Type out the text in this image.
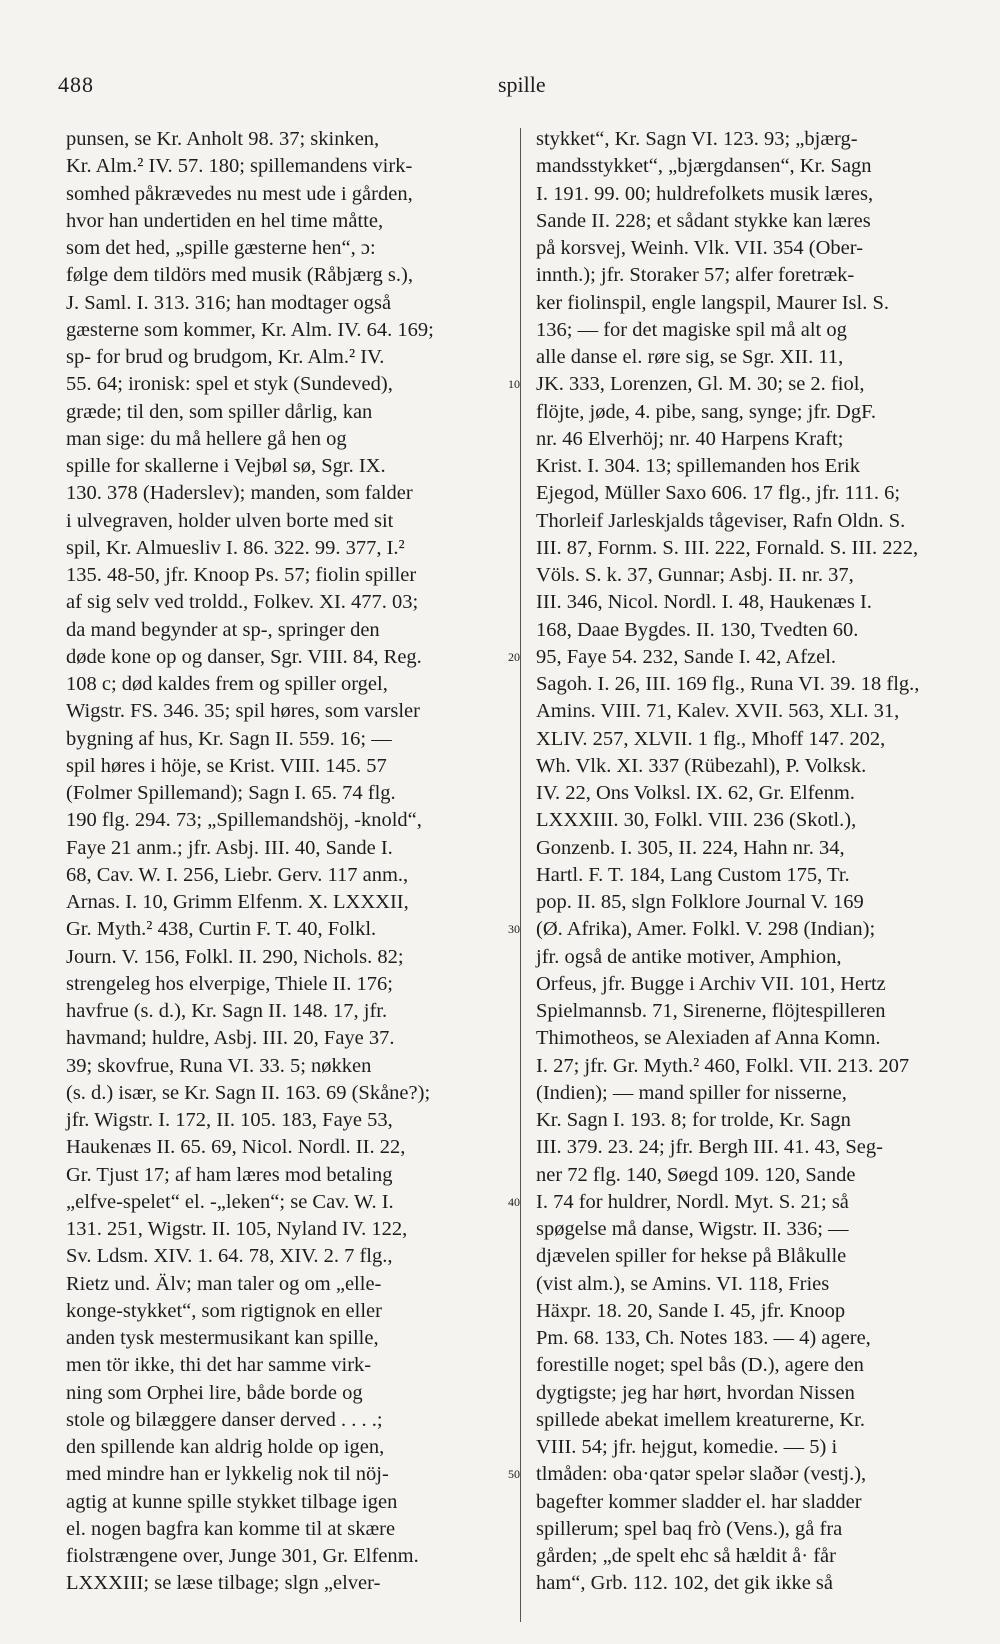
488	spille
punsen, se Kr. Anholt 98. 37; skinken,
Kr. Alm.² IV. 57. 180; spillemandens virk-
somhed påkrævedes nu mest ude i gården,
hvor han undertiden en hel time måtte,
som det hed, „spille gæsterne hen“, ɔ:
følge dem tildörs med musik (Råbjærg s.),
J. Saml. I. 313. 316; han modtager også
gæsterne som kommer, Kr. Alm. IV. 64. 169;
sp- for brud og brudgom, Kr. Alm.² IV.
55. 64; ironisk: spel et styk (Sundeved),
græde; til den, som spiller dårlig, kan
man sige: du må hellere gå hen og
spille for skallerne i Vejbøl sø, Sgr. IX.
130. 378 (Haderslev); manden, som falder
i ulvegraven, holder ulven borte med sit
spil, Kr. Almuesliv I. 86. 322. 99. 377, I.²
135. 48-50, jfr. Knoop Ps. 57; fiolin spiller
af sig selv ved troldd., Folkev. XI. 477. 03;
da mand begynder at sp-, springer den
døde kone op og danser, Sgr. VIII. 84, Reg.
108 c; død kaldes frem og spiller orgel,
Wigstr. FS. 346. 35; spil høres, som varsler
bygning af hus, Kr. Sagn II. 559. 16; —
spil høres i höje, se Krist. VIII. 145. 57
(Folmer Spillemand); Sagn I. 65. 74 flg.
190 flg. 294. 73; „Spillemandshöj, -knold“,
Faye 21 anm.; jfr. Asbj. III. 40, Sande I.
68, Cav. W. I. 256, Liebr. Gerv. 117 anm.,
Arnas. I. 10, Grimm Elfenm. X. LXXXII,
Gr. Myth.² 438, Curtin F. T. 40, Folkl.
Journ. V. 156, Folkl. II. 290, Nichols. 82;
strengeleg hos elverpige, Thiele II. 176;
havfrue (s. d.), Kr. Sagn II. 148. 17, jfr.
havmand; huldre, Asbj. III. 20, Faye 37.
39; skovfrue, Runa VI. 33. 5; nøkken
(s. d.) især, se Kr. Sagn II. 163. 69 (Skåne?);
jfr. Wigstr. I. 172, II. 105. 183, Faye 53,
Haukenæs II. 65. 69, Nicol. Nordl. II. 22,
Gr. Tjust 17; af ham læres mod betaling
„elfve-spelet“ el. -„leken“; se Cav. W. I.
131. 251, Wigstr. II. 105, Nyland IV. 122,
Sv. Ldsm. XIV. 1. 64. 78, XIV. 2. 7 flg.,
Rietz und. Älv; man taler og om „elle-
konge-stykket“, som rigtignok en eller
anden tysk mestermusikant kan spille,
men tör ikke, thi det har samme virk-
ning som Orphei lire, både borde og
stole og bilæggere danser derved . . . .;
den spillende kan aldrig holde op igen,
med mindre han er lykkelig nok til nöj-
agtig at kunne spille stykket tilbage igen
el. nogen bagfra kan komme til at skære
fiolstrængene over, Junge 301, Gr. Elfenm.
LXXXIII; se læse tilbage; slgn „elver-
10
20
30
40
50
stykket“, Kr. Sagn VI. 123. 93; „bjærg-
mandsstykket“, „bjærgdansen“, Kr. Sagn
I. 191. 99. 00; huldrefolkets musik læres,
Sande II. 228; et sådant stykke kan læres
på korsvej, Weinh. Vlk. VII. 354 (Ober-
innth.); jfr. Storaker 57; alfer foretræk-
ker fiolinspil, engle langspil, Maurer Isl. S.
136; — for det magiske spil må alt og
alle danse el. røre sig, se Sgr. XII. 11,
JK. 333, Lorenzen, Gl. M. 30; se 2. fiol,
flöjte, jøde, 4. pibe, sang, synge; jfr. DgF.
nr. 46 Elverhöj; nr. 40 Harpens Kraft;
Krist. I. 304. 13; spillemanden hos Erik
Ejegod, Müller Saxo 606. 17 flg., jfr. 111. 6;
Thorleif Jarleskjalds tågeviser, Rafn Oldn. S.
III. 87, Fornm. S. III. 222, Fornald. S. III. 222,
Völs. S. k. 37, Gunnar; Asbj. II. nr. 37,
III. 346, Nicol. Nordl. I. 48, Haukenæs I.
168, Daae Bygdes. II. 130, Tvedten 60.
95, Faye 54. 232, Sande I. 42, Afzel.
Sagoh. I. 26, III. 169 flg., Runa VI. 39. 18 flg.,
Amins. VIII. 71, Kalev. XVII. 563, XLI. 31,
XLIV. 257, XLVII. 1 flg., Mhoff 147. 202,
Wh. Vlk. XI. 337 (Rübezahl), P. Volksk.
IV. 22, Ons Volksl. IX. 62, Gr. Elfenm.
LXXXIII. 30, Folkl. VIII. 236 (Skotl.),
Gonzenb. I. 305, II. 224, Hahn nr. 34,
Hartl. F. T. 184, Lang Custom 175, Tr.
pop. II. 85, slgn Folklore Journal V. 169
(Ø. Afrika), Amer. Folkl. V. 298 (Indian);
jfr. også de antike motiver, Amphion,
Orfeus, jfr. Bugge i Archiv VII. 101, Hertz
Spielmannsb. 71, Sirenerne, flöjtespilleren
Thimotheos, se Alexiaden af Anna Komn.
I. 27; jfr. Gr. Myth.² 460, Folkl. VII. 213. 207
(Indien); — mand spiller for nisserne,
Kr. Sagn I. 193. 8; for trolde, Kr. Sagn
III. 379. 23. 24; jfr. Bergh III. 41. 43, Seg-
ner 72 flg. 140, Søegd 109. 120, Sande
I. 74 for huldrer, Nordl. Myt. S. 21; så
spøgelse må danse, Wigstr. II. 336; —
djævelen spiller for hekse på Blåkulle
(vist alm.), se Amins. VI. 118, Fries
Häxpr. 18. 20, Sande I. 45, jfr. Knoop
Pm. 68. 133, Ch. Notes 183. — 4) agere,
forestille noget; spel bås (D.), agere den
dygtigste; jeg har hørt, hvordan Nissen
spillede abekat imellem kreaturerne, Kr.
VIII. 54; jfr. hejgut, komedie. — 5) i
tlmåden: oba·qatər spelər slaðər (vestj.),
bagefter kommer sladder el. har sladder
spillerum; spel baq frò (Vens.), gå fra
gården; „de spelt ehc så hældit å· får
ham“, Grb. 112. 102, det gik ikke så
